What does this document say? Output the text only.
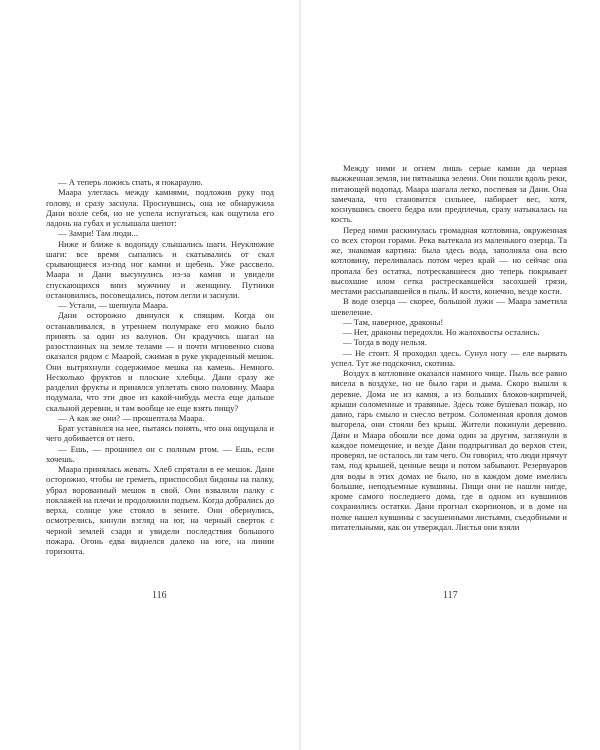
— А теперь ложись спать, я покараулю.

Маара улеглась между камнями, подложив руку под голову, и сразу заснула. Проснувшись, она не обнаружила Дани возле себя, но не успела испугаться, как ощутила его ладонь на губах и услышала шепот:

— Замри! Там люди...

Ниже и ближе к водопаду слышались шаги. Неуклюжие шаги: все время сыпались и скатывались от скал срывающиеся из-под ног камни и щебень. Уже рассвело. Маара и Дани высунулись из-за камня и увидели спускающихся вниз мужчину и женщину. Путники остановились, посовещались, потом легли и заснули.

— Устали, — шепнула Маара.

Дани осторожно двинулся к спящим. Когда он останавливался, в утреннем полумраке его можно было принять за один из валунов. Он крадучись шагал на разостланных на земле телами — и почти мгновенно снова оказался рядом с Маарой, сжимая в руке украденный мешок. Они вытряхнули содержимое мешка на камень. Немного. Несколько фруктов и плоские хлебцы. Дани сразу же разделил фрукты и принялся уплетать свою половину. Маара подумала, что эти двое из какой-нибудь места еще дальше скальной деревни, и там вообще не еще взять пищу?

— А как же они? — прошептала Маара.

Брат уставился на нее, пытаясь понять, что она ощущала и чего добивается от него.

— Ешь, — прошипел он с полным ртом. — Ешь, если хочешь.

Маара принялась жевать. Хлеб спрятали в ее мешок. Дани осторожно, чтобы не греметь, приспособил бидоны на палку, убрал ворованный мешок в свой. Они взвалили палку с поклажей на плечи и продолжили подъем. Когда добрались до верха, солнце уже стояло в зените. Они обернулись, осмотрелись, кинули взгляд на юг, на черный сверток с черной землей сзади и увидели последствия большого пожара. Огонь едва виднелся далеко на юге, на линии горизонта.

116

Между ними и огнем лишь серые камни да черная выжженная земля, ни пятнышка зелени. Они пошли вдоль реки, питающей водопад. Маара шагала легко, поспевая за Дани. Она замечала, что становится сильнее, набирает вес, хотя, коснувшись своего бедра или предплечья, сразу натыкалась на кость.

Перед ними раскинулась громадная котловина, окруженная со всех сторон горами. Река вытекала из маленького озерца. Та же, знакомая картина: была здесь вода, заполняла она всю котловину, переливалась потом через край — но сейчас она пропала без остатка, потрескавшееся дно теперь покрывает высохшие илом сетка растрескавшейся засохшей грязи, местами рассыпавшейся в пыль. И кости, конечно, везде кости.

В воде озерца — скорее, большой лужи — Маара заметила шевеление.

— Там, наверное, драконы!

— Нет, драконы передохли. Но жалохвосты остались.

— Тогда в воду нельзя.

— Не стоит. Я проходил здесь. Сунул ногу — еле вырвать успел. Тут же подскочил, скотина.

Воздух в котловине оказался намного чище. Пыль все равно висела в воздухе, но не было гари и дыма. Скоро вышли к деревне. Дома не из камня, а из больших блоков-кирпичей, крыши соломенные и травяные. Здесь тоже бушевал пожар, но давно, гарь смыло и снесло ветром. Соломенная кровля домов выгорела, они стояли без крыш. Жители покинули деревню. Дани и Маара обошли все дома один за другим, заглянули в каждое помещение, и везде Дани подпрыгивал до верхов стен, проверял, не осталось ли там чего. Он говорил, что люди прячут там, под крышей, ценные вещи и потом забывают. Резервуаров для воды в этих домах не было, но в каждом доме имелись большие, неподъемные кувшины. Пищи они не нашли нигде, кроме самого последнего дома, где в одном из кувшинов сохранились остатки. Дани прогнал скорпионов, и в доме на полке нашел кувшины с засушенными листьями, съедобными и питательными, как он утверждал. Листья они взяли

117
